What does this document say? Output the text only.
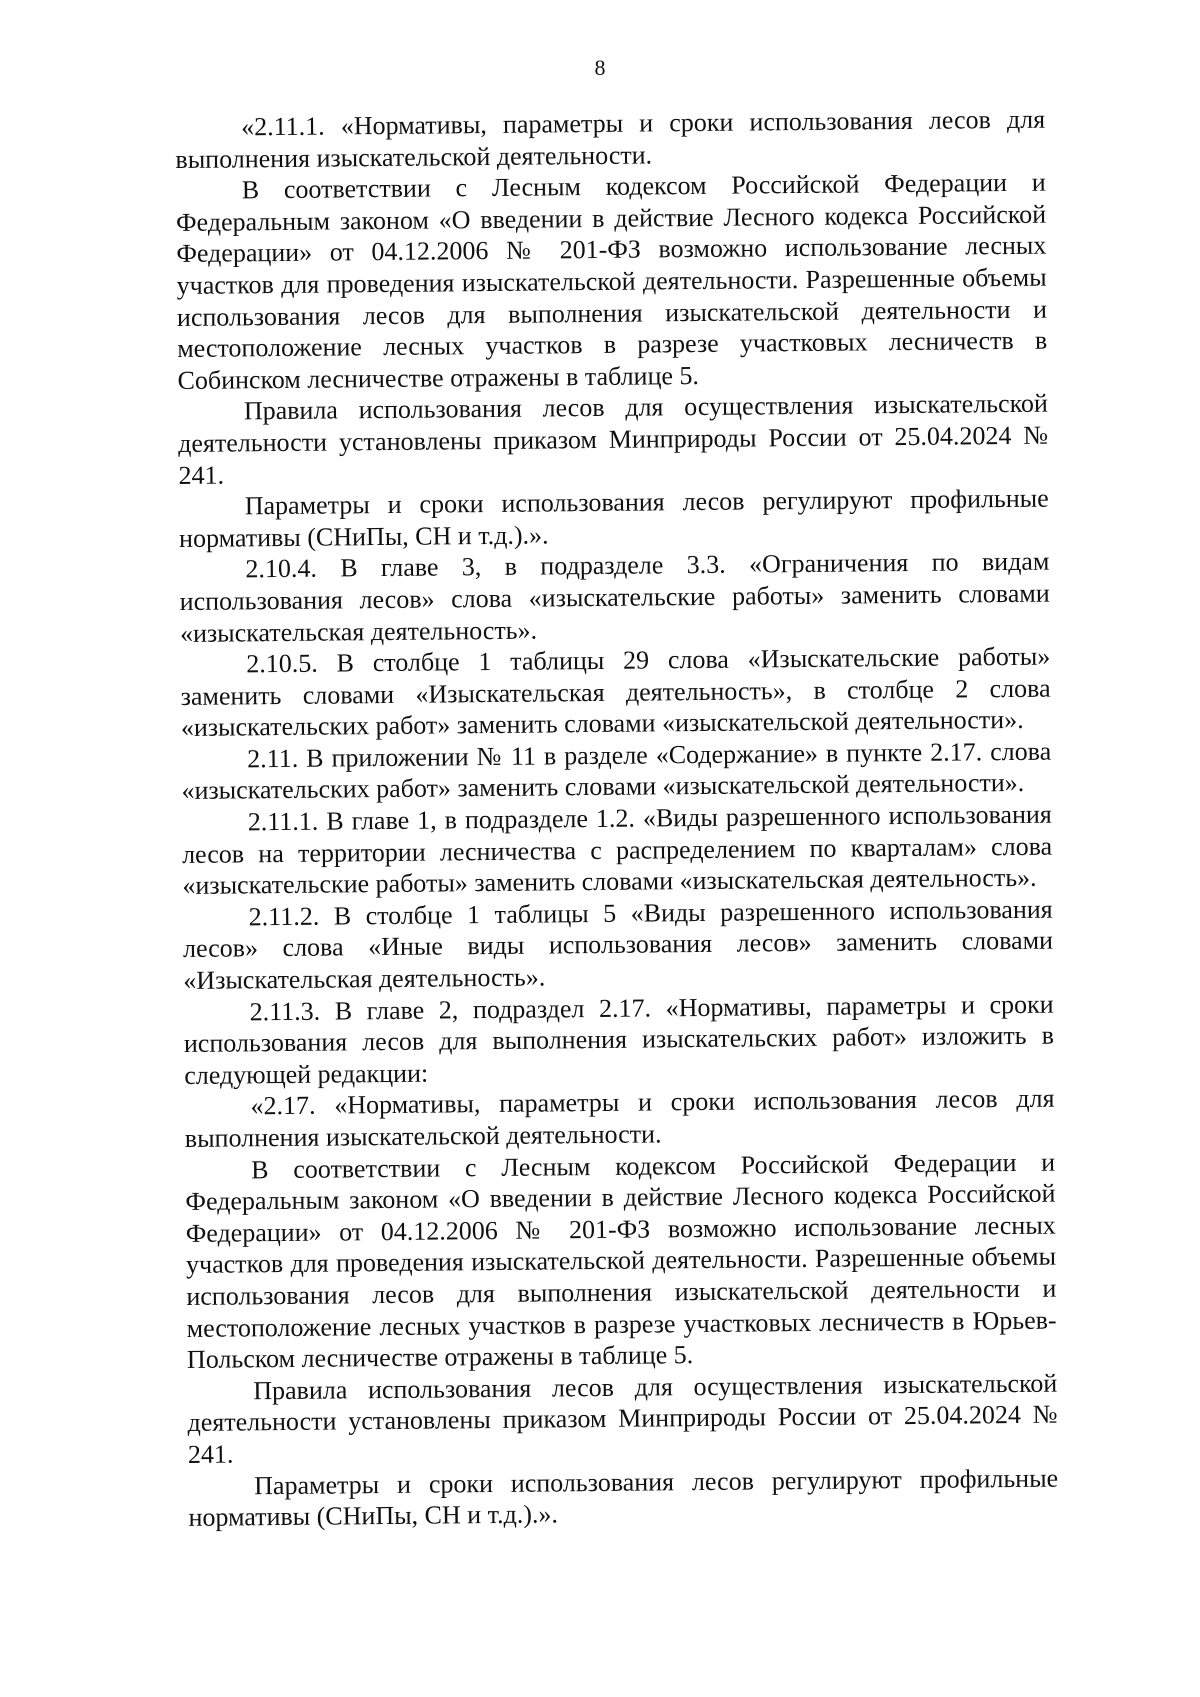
8

«2.11.1. «Нормативы, параметры и сроки использования лесов для выполнения изыскательской деятельности.

В соответствии с Лесным кодексом Российской Федерации и Федеральным законом «О введении в действие Лесного кодекса Российской Федерации» от 04.12.2006 № 201-ФЗ возможно использование лесных участков для проведения изыскательской деятельности. Разрешенные объемы использования лесов для выполнения изыскательской деятельности и местоположение лесных участков в разрезе участковых лесничеств в Собинском лесничестве отражены в таблице 5.

Правила использования лесов для осуществления изыскательской деятельности установлены приказом Минприроды России от 25.04.2024 № 241.

Параметры и сроки использования лесов регулируют профильные нормативы (СНиПы, СН и т.д.).».

2.10.4. В главе 3, в подразделе 3.3. «Ограничения по видам использования лесов» слова «изыскательские работы» заменить словами «изыскательская деятельность».

2.10.5. В столбце 1 таблицы 29 слова «Изыскательские работы» заменить словами «Изыскательская деятельность», в столбце 2 слова «изыскательских работ» заменить словами «изыскательской деятельности».

2.11. В приложении № 11 в разделе «Содержание» в пункте 2.17. слова «изыскательских работ» заменить словами «изыскательской деятельности».

2.11.1. В главе 1, в подразделе 1.2. «Виды разрешенного использования лесов на территории лесничества с распределением по кварталам» слова «изыскательские работы» заменить словами «изыскательская деятельность».

2.11.2. В столбце 1 таблицы 5 «Виды разрешенного использования лесов» слова «Иные виды использования лесов» заменить словами «Изыскательская деятельность».

2.11.3. В главе 2, подраздел 2.17. «Нормативы, параметры и сроки использования лесов для выполнения изыскательских работ» изложить в следующей редакции:

«2.17. «Нормативы, параметры и сроки использования лесов для выполнения изыскательской деятельности.

В соответствии с Лесным кодексом Российской Федерации и Федеральным законом «О введении в действие Лесного кодекса Российской Федерации» от 04.12.2006 № 201-ФЗ возможно использование лесных участков для проведения изыскательской деятельности. Разрешенные объемы использования лесов для выполнения изыскательской деятельности и местоположение лесных участков в разрезе участковых лесничеств в Юрьев-Польском лесничестве отражены в таблице 5.

Правила использования лесов для осуществления изыскательской деятельности установлены приказом Минприроды России от 25.04.2024 № 241.

Параметры и сроки использования лесов регулируют профильные нормативы (СНиПы, СН и т.д.).».
